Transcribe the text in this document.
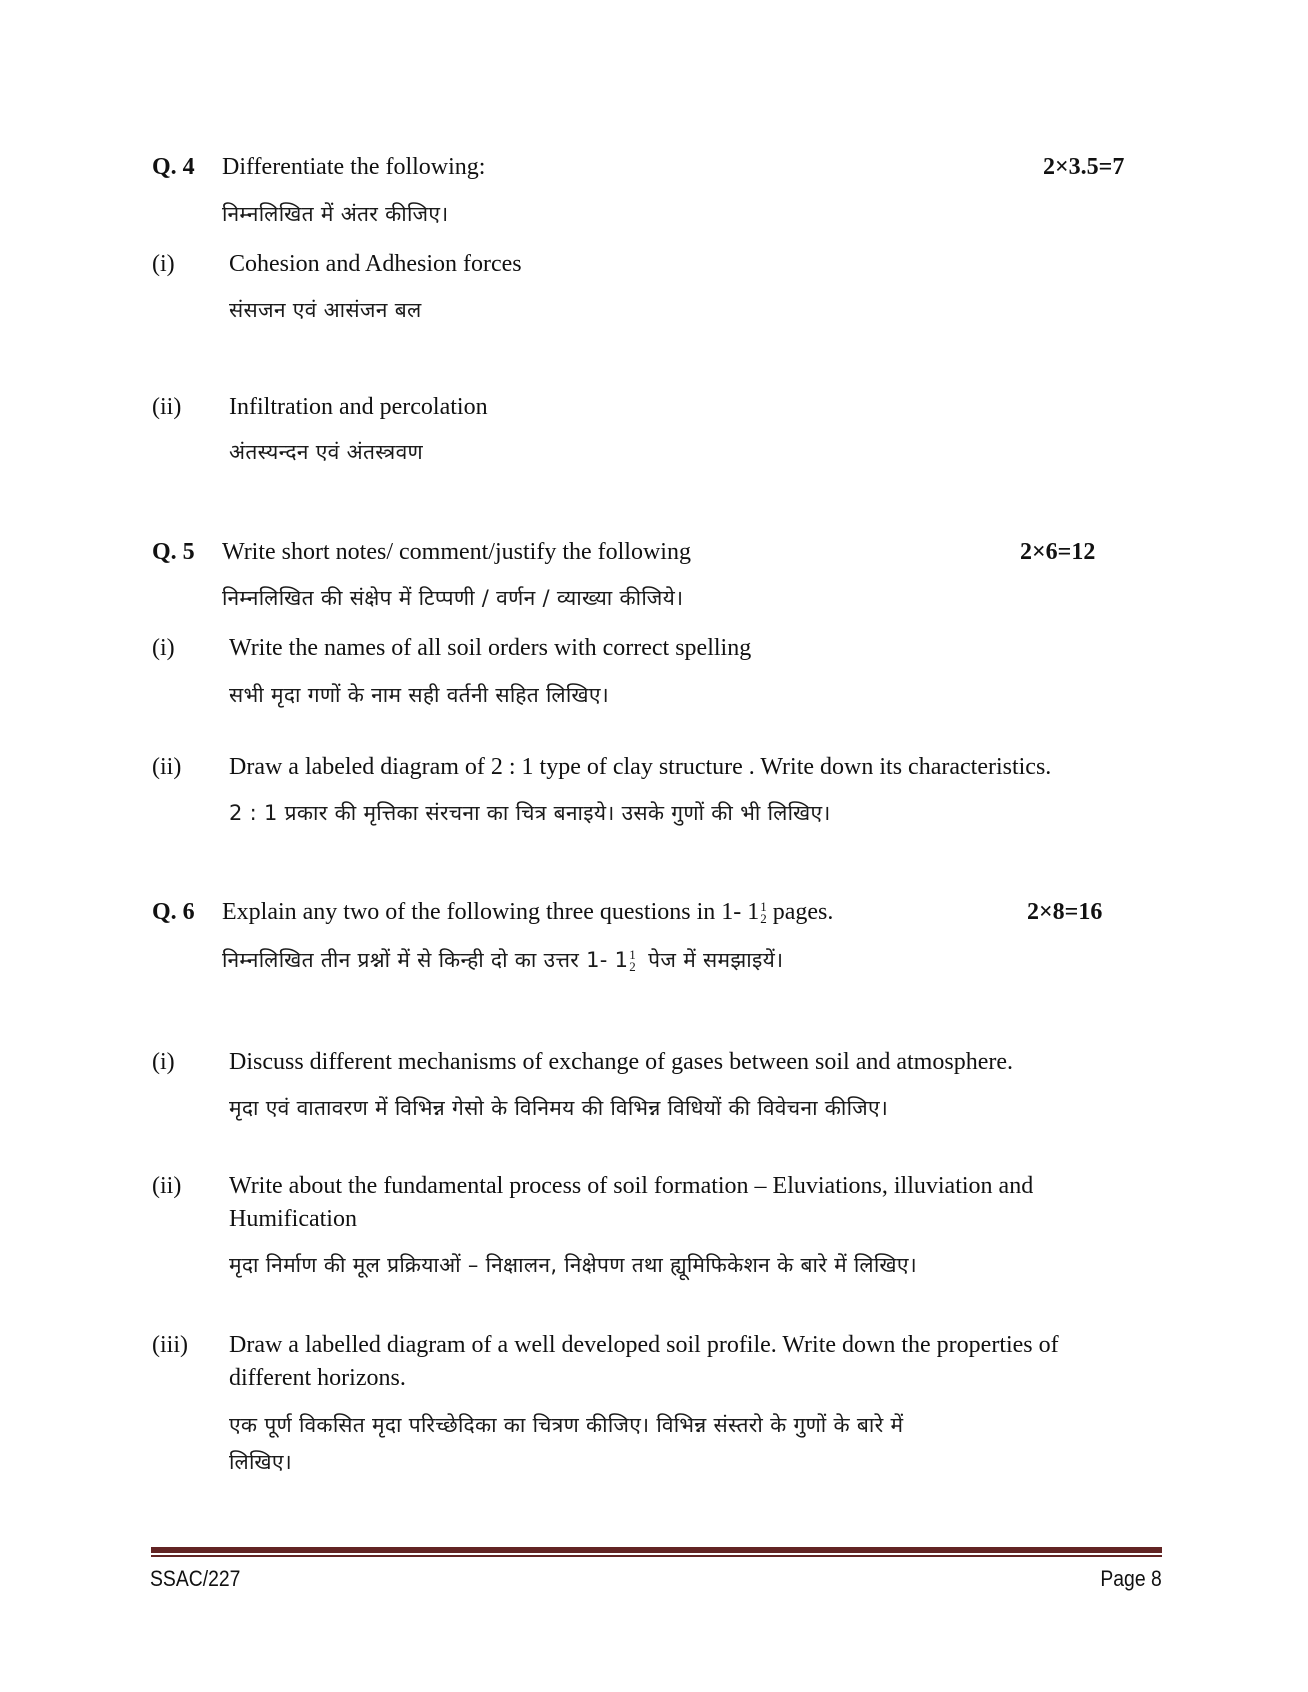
Q. 4 Differentiate the following:	2×3.5=7
निम्नलिखित में अंतर कीजिए।
(i) Cohesion and Adhesion forces
संसजन एवं आसंजन बल
(ii) Infiltration and percolation
अंतस्यन्दन एवं अंतस्त्रवण
Q. 5 Write short notes/ comment/justify the following	2×6=12
निम्नलिखित की संक्षेप में टिप्पणी / वर्णन / व्याख्या कीजिये।
(i) Write the names of all soil orders with correct spelling
सभी मृदा गणों के नाम सही वर्तनी सहित लिखिए।
(ii) Draw a labeled diagram of 2 : 1 type of clay structure . Write down its characteristics.
2 : 1 प्रकार की मृत्तिका संरचना का चित्र बनाइये। उसके गुणों की भी लिखिए।
Q. 6 Explain any two of the following three questions in 1- 1 1
2 pages.	2×8=16
निम्नलिखित तीन प्रश्नों में से किन्ही दो का उत्तर 1- 1 1
2 पेज में समझाइयें।
(i) Discuss different mechanisms of exchange of gases between soil and atmosphere.
मृदा एवं वातावरण में विभिन्न गेसो के विनिमय की विभिन्न विधियों की विवेचना कीजिए।
(ii) Write about the fundamental process of soil formation – Eluviations, illuviation and
Humification
मृदा निर्माण की मूल प्रक्रियाओं – निक्षालन, निक्षेपण तथा ह्यूमिफिकेशन के बारे में लिखिए।
(iii) Draw a labelled diagram of a well developed soil profile. Write down the properties of
different horizons.
एक पूर्ण विकसित मृदा परिच्छेदिका का चित्रण कीजिए। विभिन्न संस्तरो के गुणों के बारे में
लिखिए।
SSAC/227	Page 8
